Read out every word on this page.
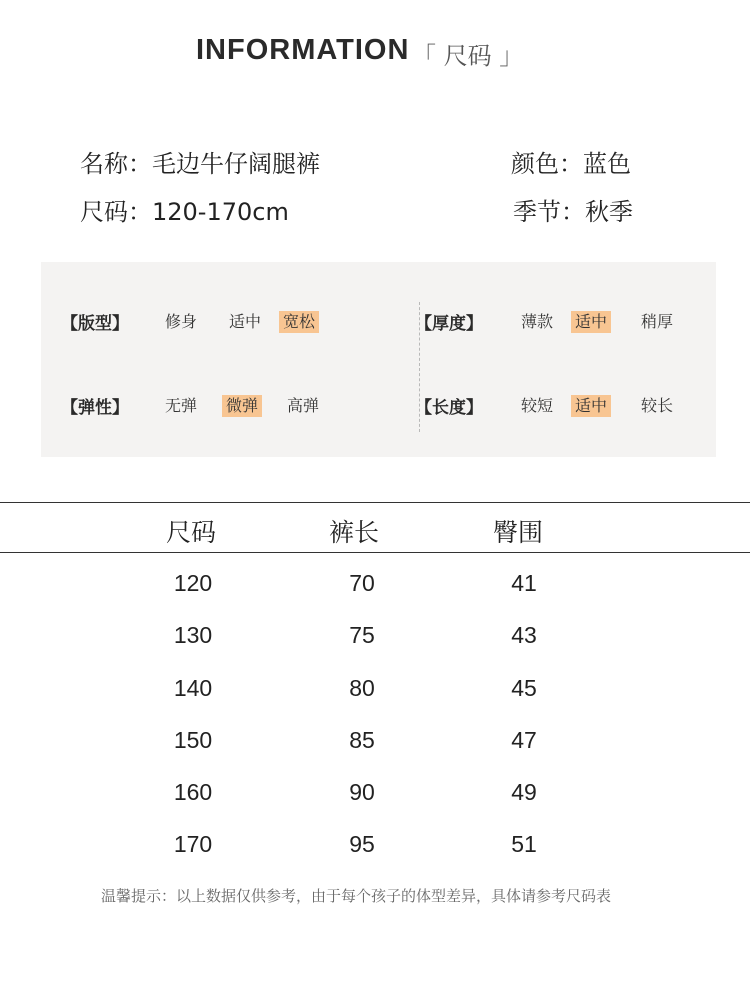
INFORMATION 「 尺码 」
名称：毛边牛仔阔腿裤	颜色：蓝色
尺码：120-170cm	季节：秋季
【版型】 修身 适中 宽松	【厚度】 薄款 适中 稍厚
【弹性】 无弹 微弹 高弹	【长度】 较短 适中 较长
尺码	裤长	臀围
120	70	41
130	75	43
140	80	45
150	85	47
160	90	49
170	95	51
温馨提示：以上数据仅供参考，由于每个孩子的体型差异，具体请参考尺码表
